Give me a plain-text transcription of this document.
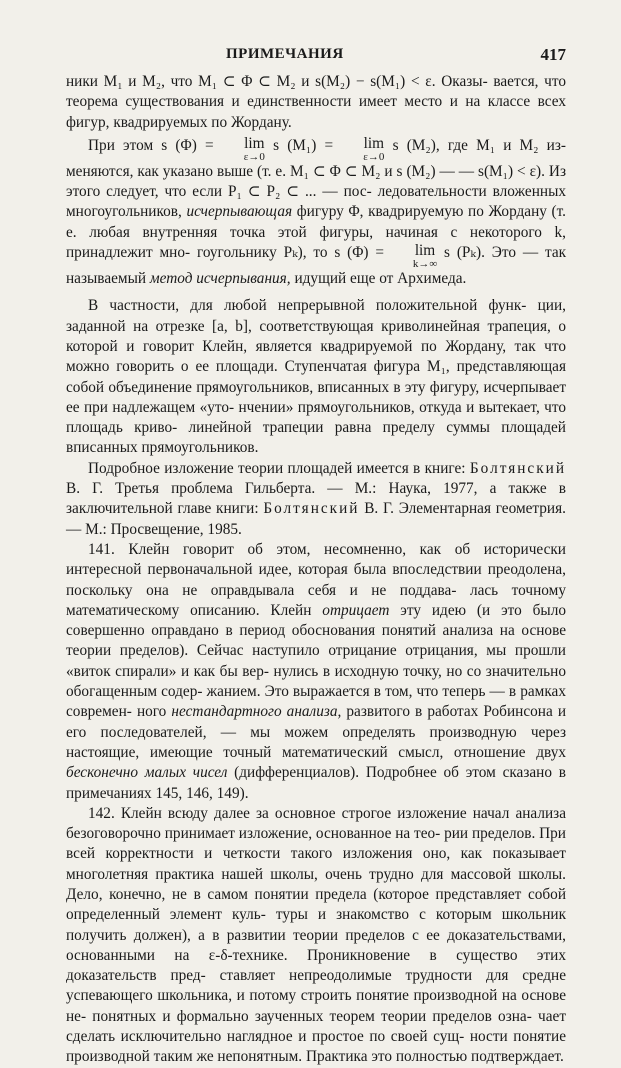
ПРИМЕЧАНИЯ	417

ники M₁ и M₂, что M₁ ⊂ Φ ⊂ M₂ и s(M₂) − s(M₁) < ε. Оказы- вается, что теорема существования и единственности имеет место и на классе всех фигур, квадрируемых по Жордану.

При этом s (Φ) = lim
ε→0
s (M₁) = lim
ε→0
s (M₂), где M₁ и M₂ из- меняются, как указано выше (т. е. M₁ ⊂ Φ ⊂ M₂ и s (M₂) — — s(M₁) < ε). Из этого следует, что если P₁ ⊂ P₂ ⊂ ... — пос- ледовательности вложенных многоугольников, исчерпывающая фигуру Φ, квадрируемую по Жордану (т. е. любая внутренняя точка этой фигуры, начиная с некоторого k, принадлежит мно- гоугольнику Pₖ), то s (Φ) = lim
k→∞
s (Pₖ). Это — так называемый метод исчерпывания, идущий еще от Архимеда.

В частности, для любой непрерывной положительной функ- ции, заданной на отрезке [a, b], соответствующая криволинейная трапеция, о которой и говорит Клейн, является квадрируемой по Жордану, так что можно говорить о ее площади. Ступенчатая фигура M₁, представляющая собой объединение прямоугольников, вписанных в эту фигуру, исчерпывает ее при надлежащем «уто- нчении» прямоугольников, откуда и вытекает, что площадь криво- линейной трапеции равна пределу суммы площадей вписанных прямоугольников.

Подробное изложение теории площадей имеется в книге: Болтянский В. Г. Третья проблема Гильберта. — М.: Наука, 1977, а также в заключительной главе книги: Болтянский В. Г. Элементарная геометрия. — М.: Просвещение, 1985.

141. Клейн говорит об этом, несомненно, как об исторически интересной первоначальной идее, которая была впоследствии преодолена, поскольку она не оправдывала себя и не поддава- лась точному математическому описанию. Клейн отрицает эту идею (и это было совершенно оправдано в период обоснования понятий анализа на основе теории пределов). Сейчас наступило отрицание отрицания, мы прошли «виток спирали» и как бы вер- нулись в исходную точку, но со значительно обогащенным содер- жанием. Это выражается в том, что теперь — в рамках современ- ного нестандартного анализа, развитого в работах Робинсона и его последователей, — мы можем определять производную через настоящие, имеющие точный математический смысл, отношение двух бесконечно малых чисел (дифференциалов). Подробнее об этом сказано в примечаниях 145, 146, 149).

142. Клейн всюду далее за основное строгое изложение начал анализа безоговорочно принимает изложение, основанное на тео- рии пределов. При всей корректности и четкости такого изложения оно, как показывает многолетняя практика нашей школы, очень трудно для массовой школы. Дело, конечно, не в самом понятии предела (которое представляет собой определенный элемент куль- туры и знакомство с которым школьник получить должен), а в развитии теории пределов с ее доказательствами, основанными на ε-δ-технике. Проникновение в существо этих доказательств пред- ставляет непреодолимые трудности для средне успевающего школьника, и потому строить понятие производной на основе не- понятных и формально заученных теорем теории пределов озна- чает сделать исключительно наглядное и простое по своей сущ- ности понятие производной таким же непонятным. Практика это полностью подтверждает.
